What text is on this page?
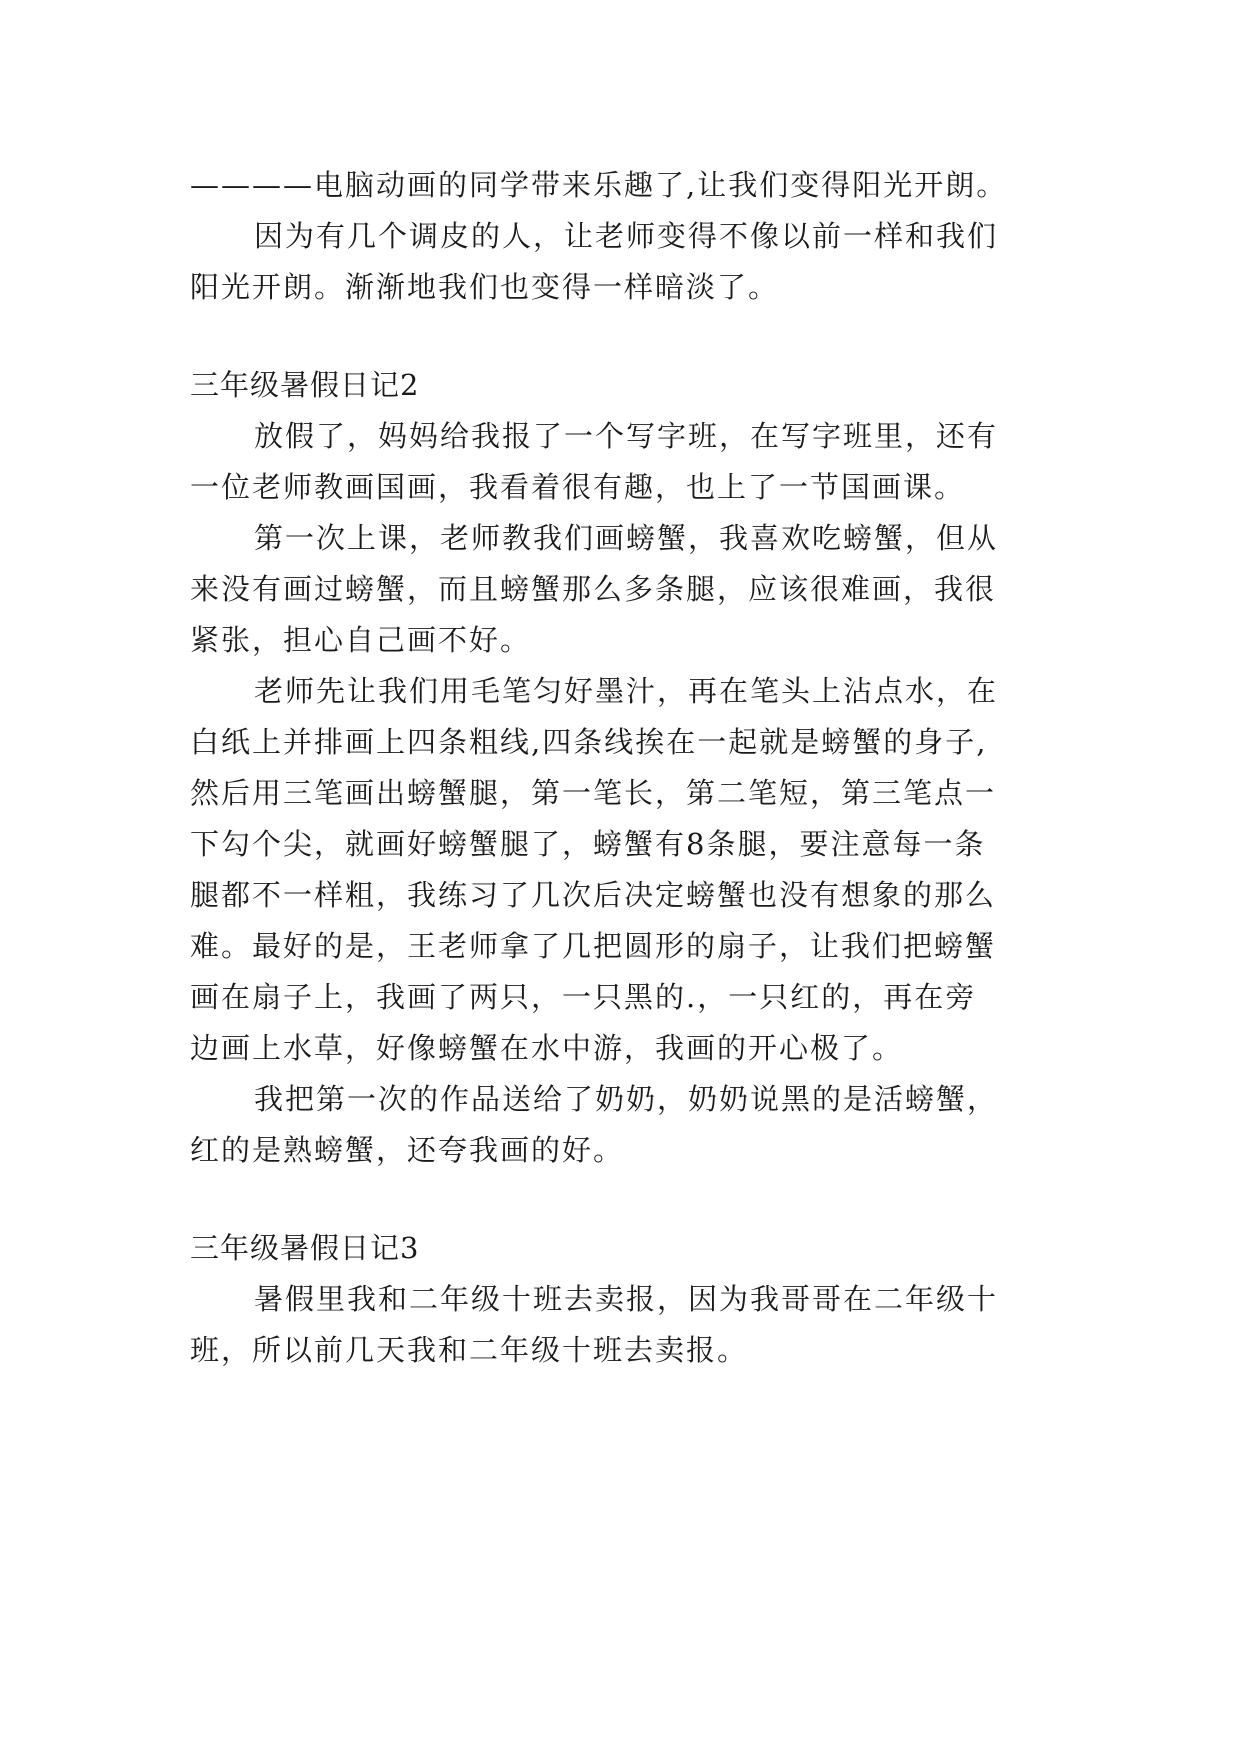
————电脑动画的同学带来乐趣了,让我们变得阳光开朗。

因为有几个调皮的人，让老师变得不像以前一样和我们

阳光开朗。渐渐地我们也变得一样暗淡了。

三年级暑假日记2

放假了，妈妈给我报了一个写字班，在写字班里，还有

一位老师教画国画，我看着很有趣，也上了一节国画课。

第一次上课，老师教我们画螃蟹，我喜欢吃螃蟹，但从

来没有画过螃蟹，而且螃蟹那么多条腿，应该很难画，我很

紧张，担心自己画不好。

老师先让我们用毛笔匀好墨汁，再在笔头上沾点水，在

白纸上并排画上四条粗线,四条线挨在一起就是螃蟹的身子,

然后用三笔画出螃蟹腿，第一笔长，第二笔短，第三笔点一

下勾个尖，就画好螃蟹腿了，螃蟹有8条腿，要注意每一条

腿都不一样粗，我练习了几次后决定螃蟹也没有想象的那么

难。最好的是，王老师拿了几把圆形的扇子，让我们把螃蟹

画在扇子上，我画了两只，一只黑的.，一只红的，再在旁

边画上水草，好像螃蟹在水中游，我画的开心极了。

我把第一次的作品送给了奶奶，奶奶说黑的是活螃蟹，

红的是熟螃蟹，还夸我画的好。

三年级暑假日记3

暑假里我和二年级十班去卖报，因为我哥哥在二年级十

班，所以前几天我和二年级十班去卖报。
